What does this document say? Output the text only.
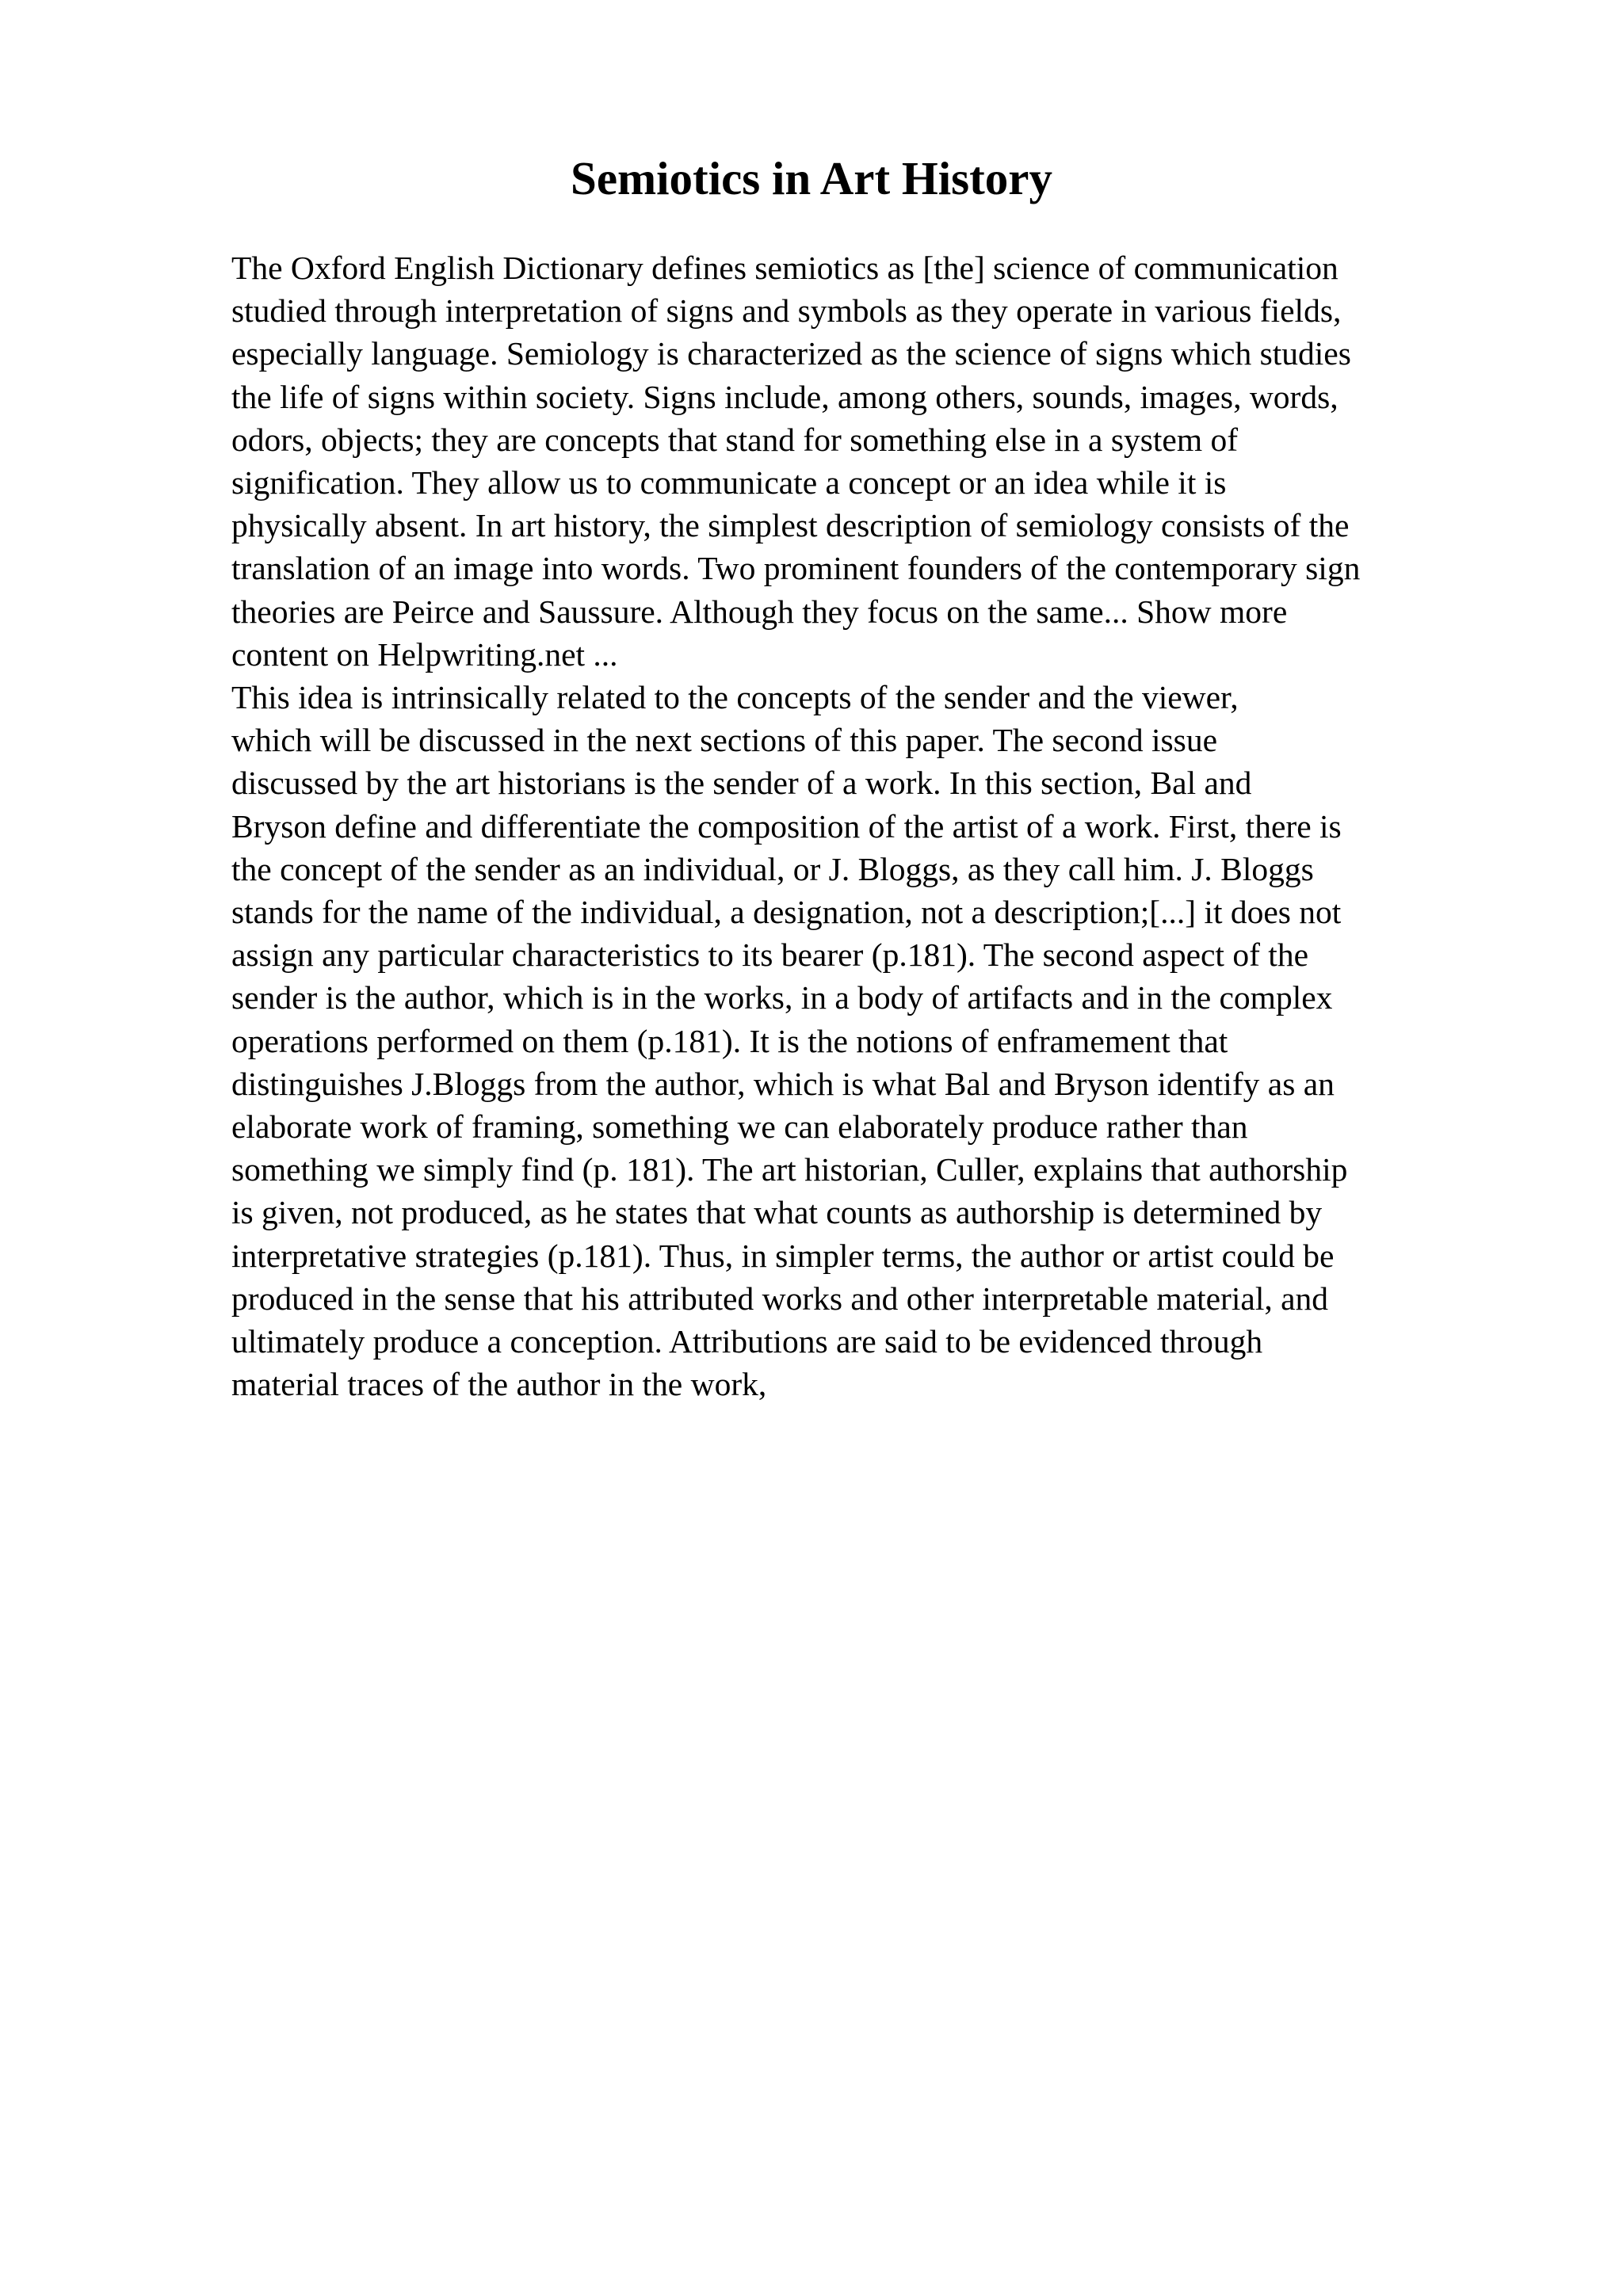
Semiotics in Art History
The Oxford English Dictionary defines semiotics as [the] science of communication
studied through interpretation of signs and symbols as they operate in various fields,
especially language. Semiology is characterized as the science of signs which studies
the life of signs within society. Signs include, among others, sounds, images, words,
odors, objects; they are concepts that stand for something else in a system of
signification. They allow us to communicate a concept or an idea while it is
physically absent. In art history, the simplest description of semiology consists of the
translation of an image into words. Two prominent founders of the contemporary sign
theories are Peirce and Saussure. Although they focus on the same... Show more
content on Helpwriting.net ...
This idea is intrinsically related to the concepts of the sender and the viewer,
which will be discussed in the next sections of this paper. The second issue
discussed by the art historians is the sender of a work. In this section, Bal and
Bryson define and differentiate the composition of the artist of a work. First, there is
the concept of the sender as an individual, or J. Bloggs, as they call him. J. Bloggs
stands for the name of the individual, a designation, not a description;[...] it does not
assign any particular characteristics to its bearer (p.181). The second aspect of the
sender is the author, which is in the works, in a body of artifacts and in the complex
operations performed on them (p.181). It is the notions of enframement that
distinguishes J.Bloggs from the author, which is what Bal and Bryson identify as an
elaborate work of framing, something we can elaborately produce rather than
something we simply find (p. 181). The art historian, Culler, explains that authorship
is given, not produced, as he states that what counts as authorship is determined by
interpretative strategies (p.181). Thus, in simpler terms, the author or artist could be
produced in the sense that his attributed works and other interpretable material, and
ultimately produce a conception. Attributions are said to be evidenced through
material traces of the author in the work,
